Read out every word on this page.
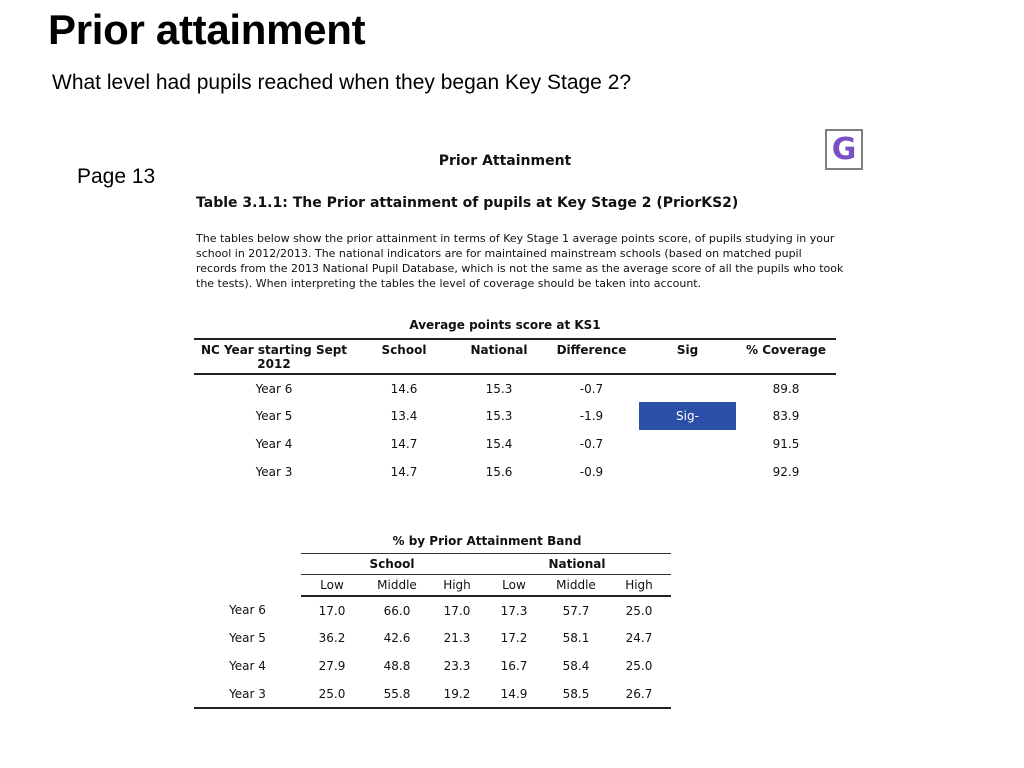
Prior attainment
What level had pupils reached when they began Key Stage 2?
Page 13
G
Prior Attainment
Table 3.1.1: The Prior attainment of pupils at Key Stage 2 (PriorKS2)
The tables below show the prior attainment in terms of Key Stage 1 average points score, of pupils studying in your school in 2012/2013. The national indicators are for maintained mainstream schools (based on matched pupil records from the 2013 National Pupil Database, which is not the same as the average score of all the pupils who took the tests). When interpreting the tables the level of coverage should be taken into account.
Average points score at KS1
NC Year starting Sept 2012	School	National	Difference	Sig	% Coverage
Year 6	14.6	15.3	-0.7		89.8
Year 5	13.4	15.3	-1.9	Sig-	83.9
Year 4	14.7	15.4	-0.7		91.5
Year 3	14.7	15.6	-0.9		92.9
% by Prior Attainment Band
	School			National		
	Low	Middle	High	Low	Middle	High
Year 6	17.0	66.0	17.0	17.3	57.7	25.0
Year 5	36.2	42.6	21.3	17.2	58.1	24.7
Year 4	27.9	48.8	23.3	16.7	58.4	25.0
Year 3	25.0	55.8	19.2	14.9	58.5	26.7
